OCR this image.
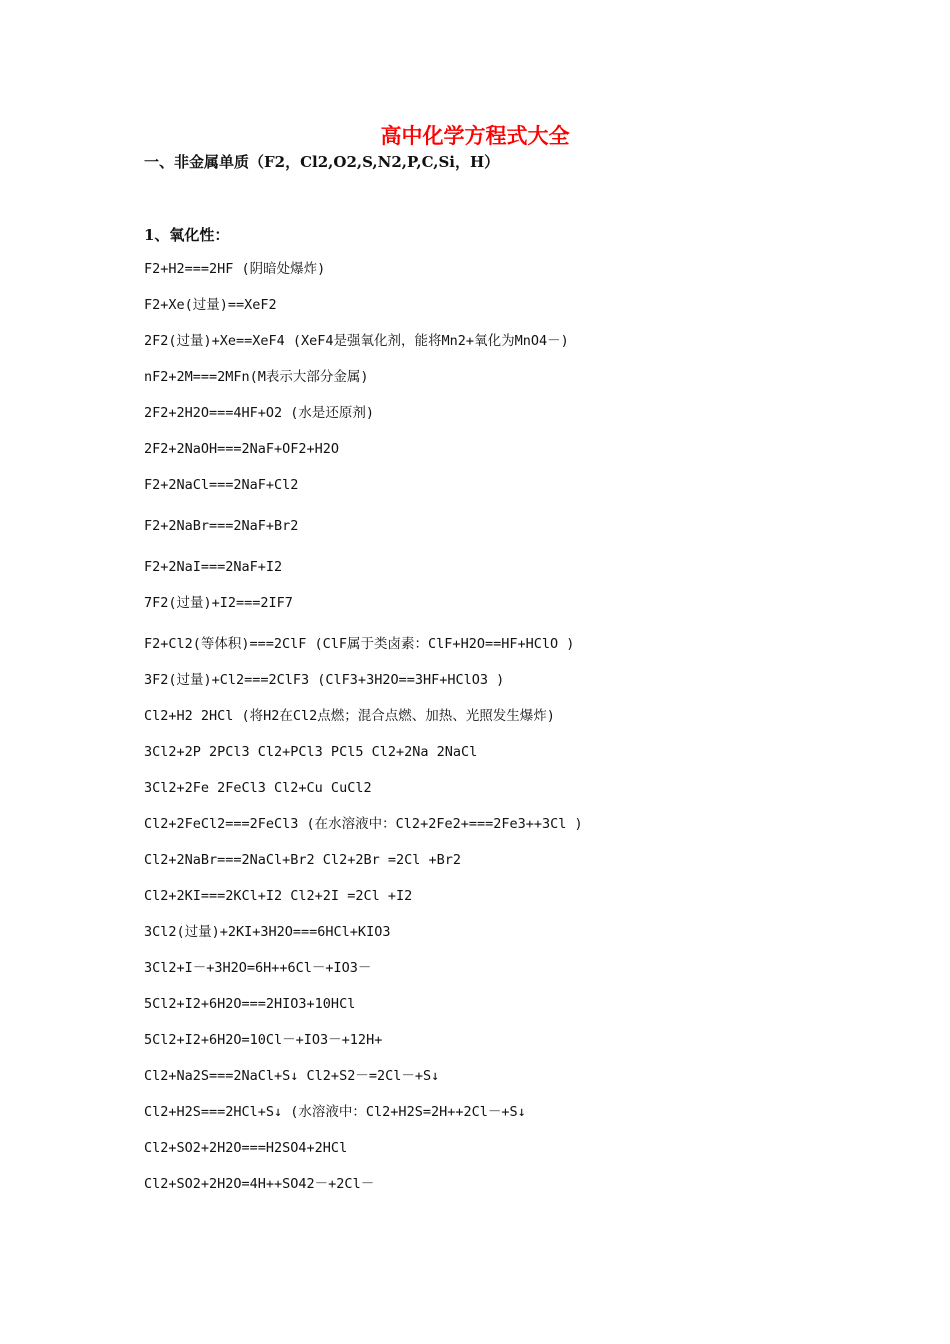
高中化学方程式大全
一、非金属单质（F2，Cl2,O2,S,N2,P,C,Si，H）
1、氧化性：
F2+H2===2HF (阴暗处爆炸)
F2+Xe(过量)==XeF2
2F2(过量)+Xe==XeF4 (XeF4是强氧化剂，能将Mn2+氧化为MnO4－)
nF2+2M===2MFn(M表示大部分金属)
2F2+2H2O===4HF+O2 (水是还原剂)
2F2+2NaOH===2NaF+OF2+H2O
F2+2NaCl===2NaF+Cl2
F2+2NaBr===2NaF+Br2
F2+2NaI===2NaF+I2
7F2(过量)+I2===2IF7
F2+Cl2(等体积)===2ClF (ClF属于类卤素：ClF+H2O==HF+HClO )
3F2(过量)+Cl2===2ClF3 (ClF3+3H2O==3HF+HClO3 )
Cl2+H2 2HCl (将H2在Cl2点燃；混合点燃、加热、光照发生爆炸)
3Cl2+2P 2PCl3 Cl2+PCl3 PCl5 Cl2+2Na 2NaCl
3Cl2+2Fe 2FeCl3 Cl2+Cu CuCl2
Cl2+2FeCl2===2FeCl3 (在水溶液中：Cl2+2Fe2+===2Fe3++3Cl )
Cl2+2NaBr===2NaCl+Br2 Cl2+2Br =2Cl +Br2
Cl2+2KI===2KCl+I2 Cl2+2I =2Cl +I2
3Cl2(过量)+2KI+3H2O===6HCl+KIO3
3Cl2+I－+3H2O=6H++6Cl－+IO3－
5Cl2+I2+6H2O===2HIO3+10HCl
5Cl2+I2+6H2O=10Cl－+IO3－+12H+
Cl2+Na2S===2NaCl+S↓ Cl2+S2－=2Cl－+S↓
Cl2+H2S===2HCl+S↓ (水溶液中：Cl2+H2S=2H++2Cl－+S↓
Cl2+SO2+2H2O===H2SO4+2HCl
Cl2+SO2+2H2O=4H++SO42－+2Cl－
